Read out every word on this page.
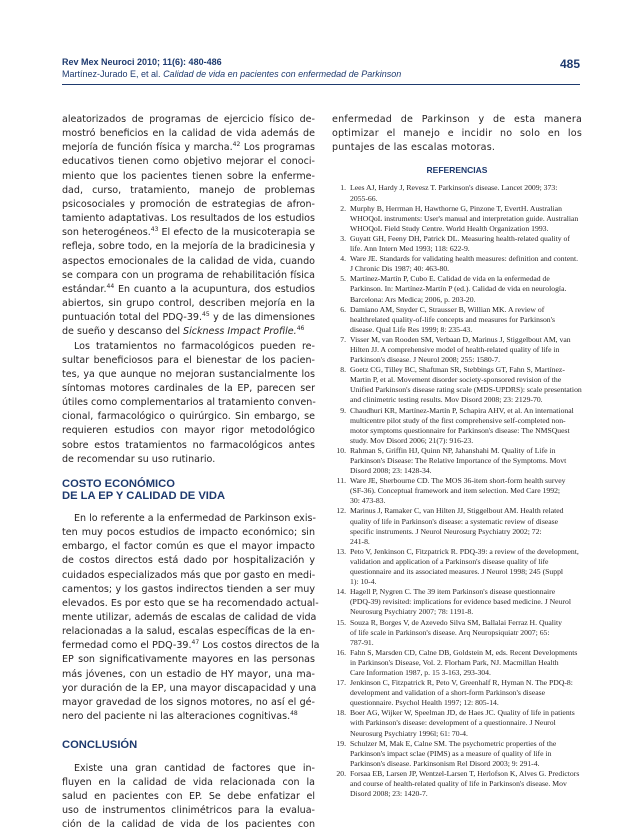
Rev Mex Neuroci 2010; 11(6): 480-486
Martínez-Jurado E, et al. Calidad de vida en pacientes con enfermedad de Parkinson
485
aleatorizados de programas de ejercicio físico de-
mostró beneficios en la calidad de vida además de
mejoría de función física y marcha.$^{42}$ Los programas
educativos tienen como objetivo mejorar el conoci-
miento que los pacientes tienen sobre la enferme-
dad, curso, tratamiento, manejo de problemas
psicosociales y promoción de estrategias de afron-
tamiento adaptativas. Los resultados de los estudios
son heterogéneos.$^{43}$ El efecto de la musicoterapia se
refleja, sobre todo, en la mejoría de la bradicinesia y
aspectos emocionales de la calidad de vida, cuando
se compara con un programa de rehabilitación física
estándar.$^{44}$ En cuanto a la acupuntura, dos estudios
abiertos, sin grupo control, describen mejoría en la
puntuación total del PDQ-39.45 y de las dimensiones
de sueño y descanso del Sickness Impact Profile.$^{46}$
Los tratamientos no farmacológicos pueden re-
sultar beneficiosos para el bienestar de los pacien-
tes, ya que aunque no mejoran sustancialmente los
síntomas motores cardinales de la EP, parecen ser
útiles como complementarios al tratamiento conven-
cional, farmacológico o quirúrgico. Sin embargo, se
requieren estudios con mayor rigor metodológico
sobre estos tratamientos no farmacológicos antes
de recomendar su uso rutinario.
COSTO ECONÓMICO
DE LA EP Y CALIDAD DE VIDA
En lo referente a la enfermedad de Parkinson exis-
ten muy pocos estudios de impacto económico; sin
embargo, el factor común es que el mayor impacto
de costos directos está dado por hospitalización y
cuidados especializados más que por gasto en medi-
camentos; y los gastos indirectos tienden a ser muy
elevados. Es por esto que se ha recomendado actual-
mente utilizar, además de escalas de calidad de vida
relacionadas a la salud, escalas específicas de la en-
fermedad como el PDQ-39.47 Los costos directos de la
EP son significativamente mayores en las personas
más jóvenes, con un estadio de HY mayor, una ma-
yor duración de la EP, una mayor discapacidad y una
mayor gravedad de los signos motores, no así el gé-
nero del paciente ni las alteraciones cognitivas.$^{48}$
CONCLUSIÓN
Existe una gran cantidad de factores que in-
fluyen en la calidad de vida relacionada con la
salud en pacientes con EP. Se debe enfatizar el
uso de instrumentos clinimétricos para la evalua-
ción de la calidad de vida de los pacientes con
enfermedad de Parkinson y de esta manera
optimizar el manejo e incidir no solo en los
puntajes de las escalas motoras.
REFERENCIAS
1. Lees AJ, Hardy J, Revesz T. Parkinson's disease. Lancet 2009; 373:
2055-66.
2. Murphy B, Herrman H, Hawthorne G, Pinzone T, EvertH. Australian
WHOQoL instruments: User's manual and interpretation guide. Australian
WHOQoL Field Study Centre. World Health Organization 1993.
3. Guyatt GH, Feeny DH, Patrick DL. Measuring health-related quality of
life. Ann Intern Med 1993; 118: 622-9.
4. Ware JE. Standards for validating health measures: definition and content.
J Chronic Dis 1987; 40: 463-80.
5. Martínez-Martín P, Cubo E. Calidad de vida en la enfermedad de
Parkinson. In: Martínez-Martín P (ed.). Calidad de vida en neurología.
Barcelona: Ars Medica; 2006, p. 203-20.
6. Damiano AM, Snyder C, Strausser B, Willian MK. A review of
healthrelated quality-of-life concepts and measures for Parkinson's
disease. Qual Life Res 1999; 8: 235-43.
7. Visser M, van Rooden SM, Verbaan D, Marinus J, Stiggelbout AM, van
Hilten JJ. A comprehensive model of health-related quality of life in
Parkinson's disease. J Neurol 2008; 255: 1580-7.
8. Goetz CG, Tilley BC, Shaftman SR, Stebbings GT, Fahn S, Martínez-
Martin P, et al. Movement disorder society-sponsored revision of the
Unified Parkinson's disease rating scale (MDS-UPDRS): scale presentation
and clinimetric testing results. Mov Disord 2008; 23: 2129-70.
9. Chaudhuri KR, Martínez-Martín P, Schapira AHV, et al. An international
multicentre pilot study of the first comprehensive self-completed non-
motor symptoms questionnaire for Parkinson's disease: The NMSQuest
study. Mov Disord 2006; 21(7): 916-23.
10. Rahman S, Griffin HJ, Quinn NP, Jahanshahi M. Quality of Life in
Parkinson's Disease: The Relative Importance of the Symptoms. Movt
Disord 2008; 23: 1428-34.
11. Ware JE, Sherbourne CD. The MOS 36-item short-form health survey
(SF-36). Conceptual framework and item selection. Med Care 1992;
30: 473-83.
12. Marinus J, Ramaker C, van Hilten JJ, Stiggelbout AM. Health related
quality of life in Parkinson's disease: a systematic review of disease
specific instruments. J Neurol Neurosurg Psychiatry 2002; 72:
241-8.
13. Peto V, Jenkinson C, Fitzpatrick R. PDQ-39: a review of the development,
validation and application of a Parkinson's disease quality of life
questionnaire and its associated measures. J Neurol 1998; 245 (Suppl
1): 10-4.
14. Hagell P, Nygren C. The 39 item Parkinson's disease questionnaire
(PDQ-39) revisited: implications for evidence based medicine. J Neurol
Neurosurg Psychiatry 2007; 78: 1191-8.
15. Souza R, Borges V, de Azevedo Silva SM, Ballalai Ferraz H. Quality
of life scale in Parkinson's disease. Arq Neuropsiquiatr 2007; 65:
787-91.
16. Fahn S, Marsden CD, Calne DB, Goldstein M, eds. Recent Developments
in Parkinson's Disease, Vol. 2. Florham Park, NJ. Macmillan Health
Care Information 1987, p. 15 3-163, 293-304.
17. Jenkinson C, Fitzpatrick R, Peto V, Greenhalf R, Hyman N. The PDQ-8:
development and validation of a short-form Parkinson's disease
questionnaire. Psychol Health 1997; 12: 805-14.
18. Boer AG, Wijker W, Speelman JD, de Haes JC. Quality of life in patients
with Parkinson's disease: development of a questionnaire. J Neurol
Neurosurg Psychiatry 1996l; 61: 70-4.
19. Schulzer M, Mak E, Calne SM. The psychometric properties of the
Parkinson's impact sclae (PIMS) as a measure of quality of life in
Parkinson's disease. Parkinsonism Rel Disord 2003; 9: 291-4.
20. Forsaa EB, Larsen JP, Wentzel-Larsen T, Herlofson K, Alves G. Predictors
and course of health-related quality of life in Parkinson's disease. Mov
Disord 2008; 23: 1420-7.
